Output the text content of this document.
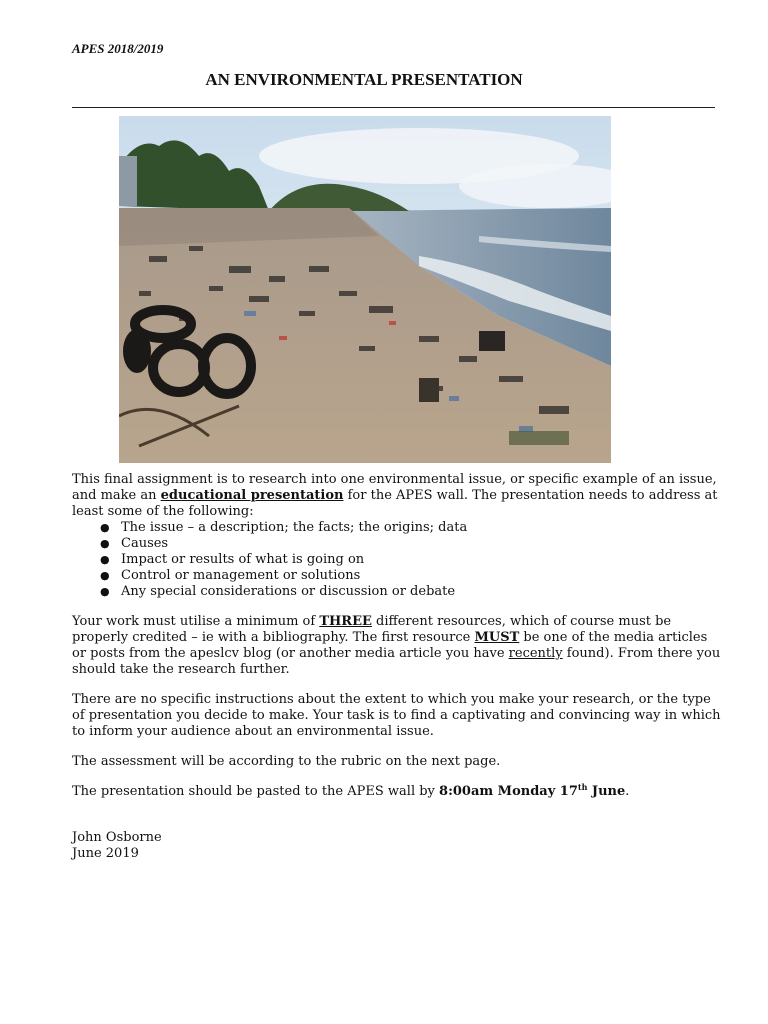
APES 2018/2019
AN ENVIRONMENTAL PRESENTATION

This final assignment is to research into one environmental issue, or specific example of an issue, and make an educational presentation for the APES wall. The presentation needs to address at least some of the following:

● The issue – a description; the facts; the origins; data
● Causes
● Impact or results of what is going on
● Control or management or solutions
● Any special considerations or discussion or debate

Your work must utilise a minimum of THREE different resources, which of course must be properly credited – ie with a bibliography. The first resource MUST be one of the media articles or posts from the apeslcv blog (or another media article you have recently found). From there you should take the research further.

There are no specific instructions about the extent to which you make your research, or the type of presentation you decide to make. Your task is to find a captivating and convincing way in which to inform your audience about an environmental issue.

The assessment will be according to the rubric on the next page.

The presentation should be pasted to the APES wall by 8:00am Monday 17th June.

John Osborne
June 2019
